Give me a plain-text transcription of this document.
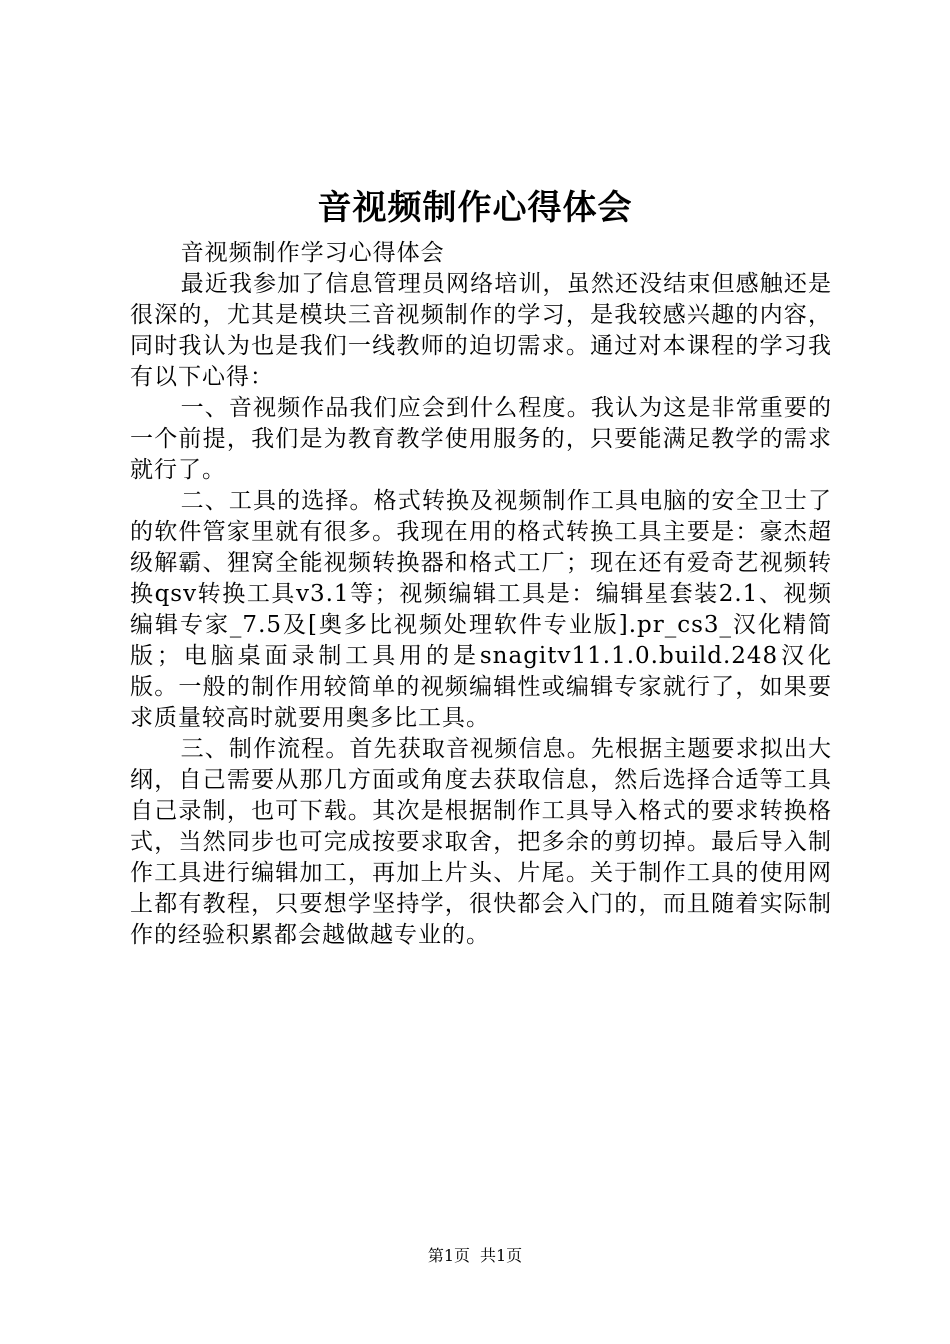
音视频制作心得体会

音视频制作学习心得体会

最近我参加了信息管理员网络培训，虽然还没结束但感触还是很深的，尤其是模块三音视频制作的学习，是我较感兴趣的内容，同时我认为也是我们一线教师的迫切需求。通过对本课程的学习我有以下心得：

一、音视频作品我们应会到什么程度。我认为这是非常重要的一个前提，我们是为教育教学使用服务的，只要能满足教学的需求就行了。

二、工具的选择。格式转换及视频制作工具电脑的安全卫士了的软件管家里就有很多。我现在用的格式转换工具主要是：豪杰超级解霸、狸窝全能视频转换器和格式工厂；现在还有爱奇艺视频转换qsv转换工具v3.1等；视频编辑工具是：编辑星套装2.1、视频编辑专家_7.5及[奥多比视频处理软件专业版].pr_cs3_汉化精简版；电脑桌面录制工具用的是snagitv11.1.0.build.248汉化版。一般的制作用较简单的视频编辑性或编辑专家就行了，如果要求质量较高时就要用奥多比工具。

三、制作流程。首先获取音视频信息。先根据主题要求拟出大纲，自己需要从那几方面或角度去获取信息，然后选择合适等工具自己录制，也可下载。其次是根据制作工具导入格式的要求转换格式，当然同步也可完成按要求取舍，把多余的剪切掉。最后导入制作工具进行编辑加工，再加上片头、片尾。关于制作工具的使用网上都有教程，只要想学坚持学，很快都会入门的，而且随着实际制作的经验积累都会越做越专业的。

第1页 共1页
